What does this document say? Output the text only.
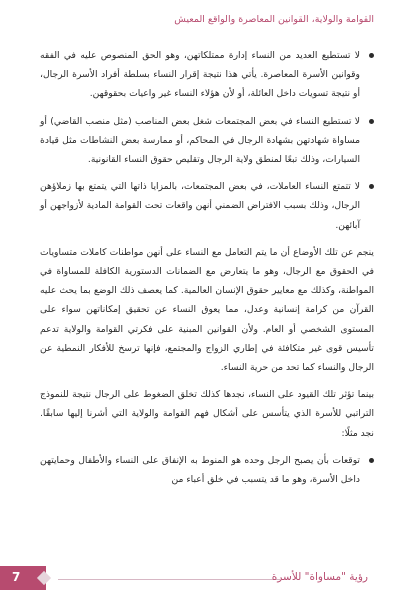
القوامة والولاية، القوانين المعاصرة والواقع المعيش
لا تستطيع العديد من النساء إدارة ممتلكاتهن، وهو الحق المنصوص عليه في الفقه وقوانين الأسرة المعاصرة. يأتي هذا نتيجة إقرار النساء بسلطة أفراد الأسرة الرجال، أو نتيجة تسويات داخل العائلة، أو لأن هؤلاء النساء غير واعيات بحقوقهن.
لا تستطيع النساء في بعض المجتمعات شغل بعض المناصب (مثل منصب القاضي) أو مساواة شهادتهن بشهادة الرجال في المحاكم، أو ممارسة بعض النشاطات مثل قيادة السيارات، وذلك تبعًا لمنطق ولاية الرجال وتقليص حقوق النساء القانونية.
لا تتمتع النساء العاملات، في بعض المجتمعات، بالمزايا ذاتها التي يتمتع بها زملاؤهن الرجال، وذلك بسبب الافتراض الضمني أنهن واقعات تحت القوامة المادية لأزواجهن أو آبائهن.

ينجم عن تلك الأوضاع أن ما يتم التعامل مع النساء على أنهن مواطنات كاملات متساويات في الحقوق مع الرجال، وهو ما يتعارض مع الضمانات الدستورية الكافلة للمساواة في المواطنة، وكذلك مع معايير حقوق الإنسان العالمية. كما يعصف ذلك الوضع بما يحث عليه القرآن من كرامة إنسانية وعدل، مما يعوق النساء عن تحقيق إمكاناتهن سواء على المستوى الشخصي أو العام. ولأن القوانين المبنية على فكرتي القوامة والولاية تدعم تأسيس قوى غير متكافئة في إطاري الزواج والمجتمع، فإنها ترسخ للأفكار النمطية عن الرجال والنساء كما تحد من حرية النساء.

بينما تؤثر تلك القيود على النساء، نجدها كذلك تخلق الضغوط على الرجال نتيجة للنموذج التراتبي للأسرة الذي يتأسس على أشكال فهم القوامة والولاية التي أشرنا إليها سابقًا. نجد مثلًا:

توقعات بأن يصبح الرجل وحده هو المنوط به الإنفاق على النساء والأطفال وحمايتهن داخل الأسرة، وهو ما قد يتسبب في خلق أعباء من
7	رؤية "مساواة" للأسرة
